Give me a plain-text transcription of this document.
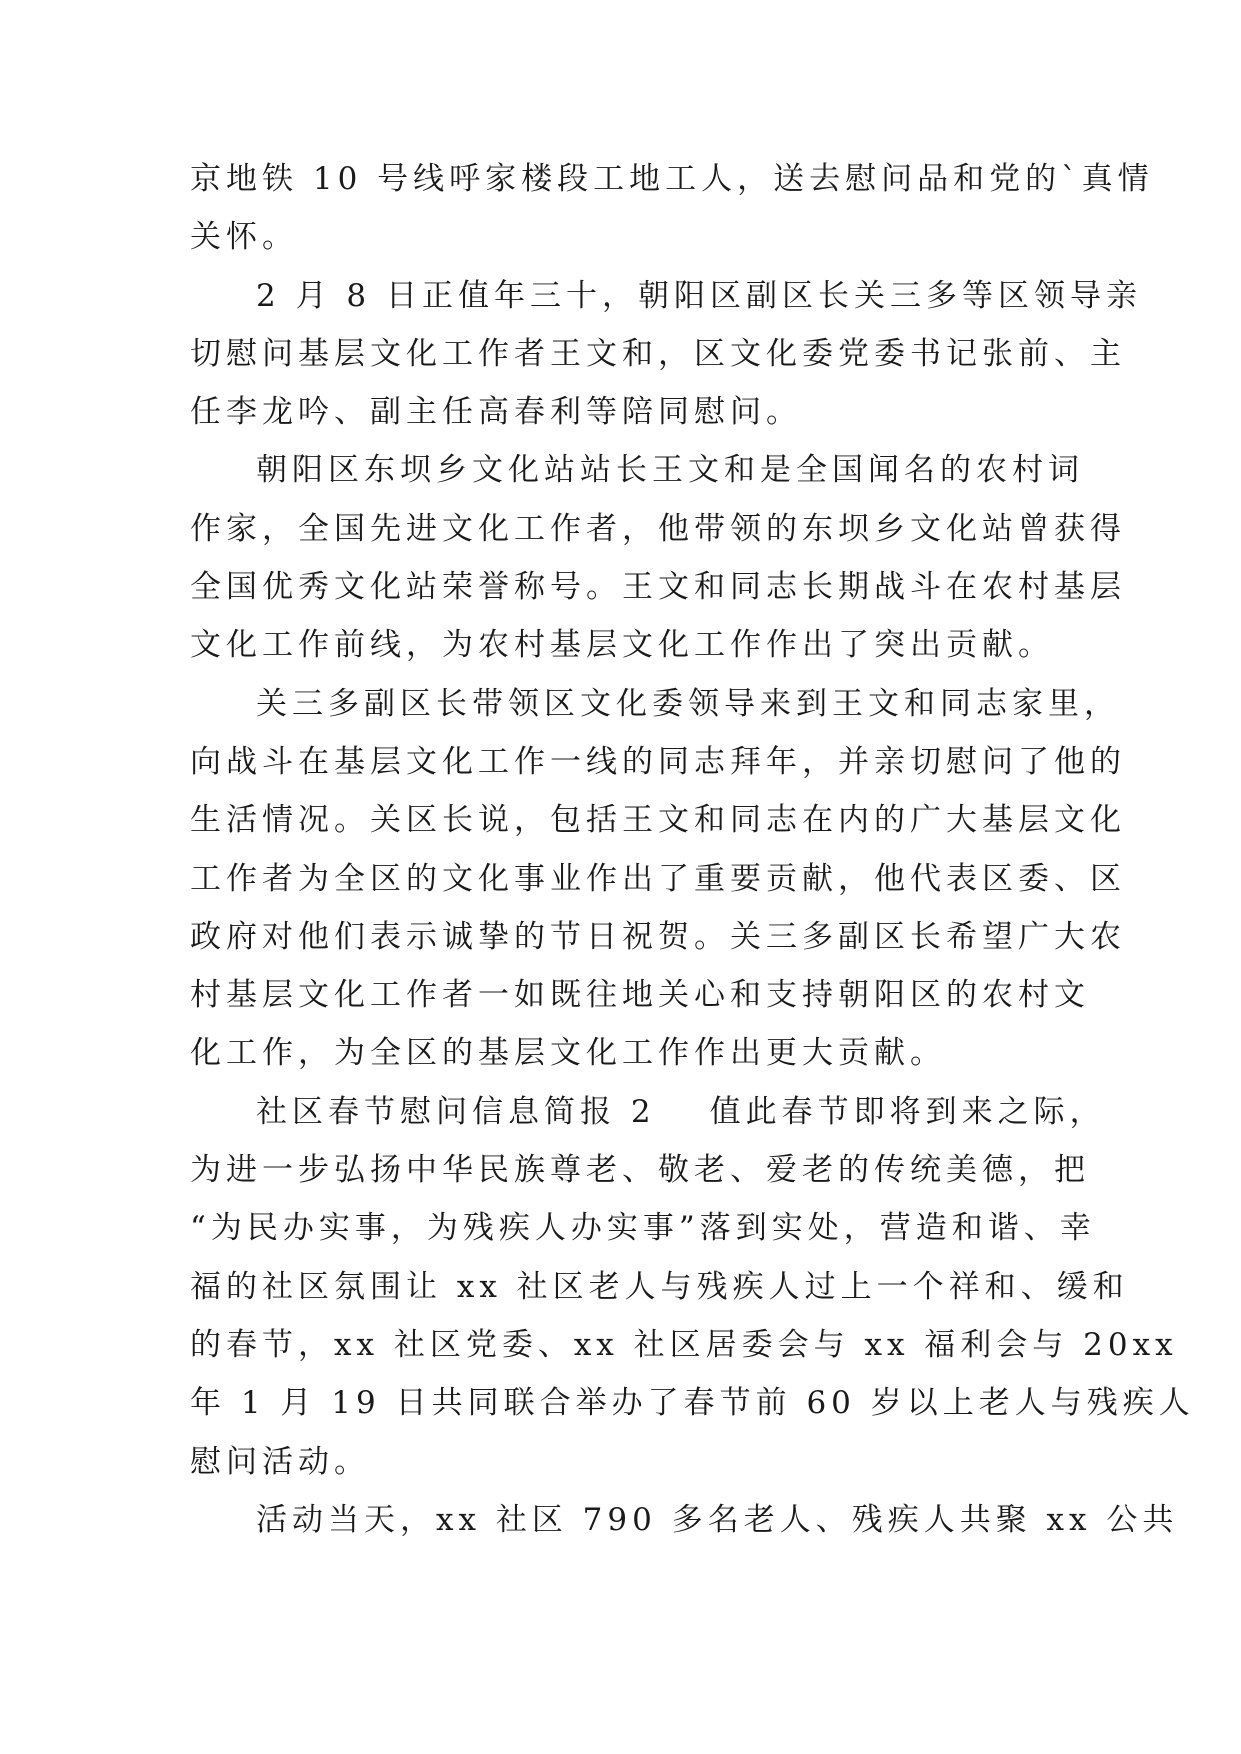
京地铁 10 号线呼家楼段工地工人，送去慰问品和党的`真情
关怀。
2 月 8 日正值年三十，朝阳区副区长关三多等区领导亲
切慰问基层文化工作者王文和，区文化委党委书记张前、主
任李龙吟、副主任高春利等陪同慰问。
朝阳区东坝乡文化站站长王文和是全国闻名的农村词
作家，全国先进文化工作者，他带领的东坝乡文化站曾获得
全国优秀文化站荣誉称号。王文和同志长期战斗在农村基层
文化工作前线，为农村基层文化工作作出了突出贡献。
关三多副区长带领区文化委领导来到王文和同志家里，
向战斗在基层文化工作一线的同志拜年，并亲切慰问了他的
生活情况。关区长说，包括王文和同志在内的广大基层文化
工作者为全区的文化事业作出了重要贡献，他代表区委、区
政府对他们表示诚挚的节日祝贺。关三多副区长希望广大农
村基层文化工作者一如既往地关心和支持朝阳区的农村文
化工作，为全区的基层文化工作作出更大贡献。
社区春节慰问信息简报 2 值此春节即将到来之际，
为进一步弘扬中华民族尊老、敬老、爱老的传统美德，把
“为民办实事，为残疾人办实事”落到实处，营造和谐、幸
福的社区氛围让 xx 社区老人与残疾人过上一个祥和、缓和
的春节，xx 社区党委、xx 社区居委会与 xx 福利会与 20xx
年 1 月 19 日共同联合举办了春节前 60 岁以上老人与残疾人
慰问活动。
活动当天，xx 社区 790 多名老人、残疾人共聚 xx 公共
